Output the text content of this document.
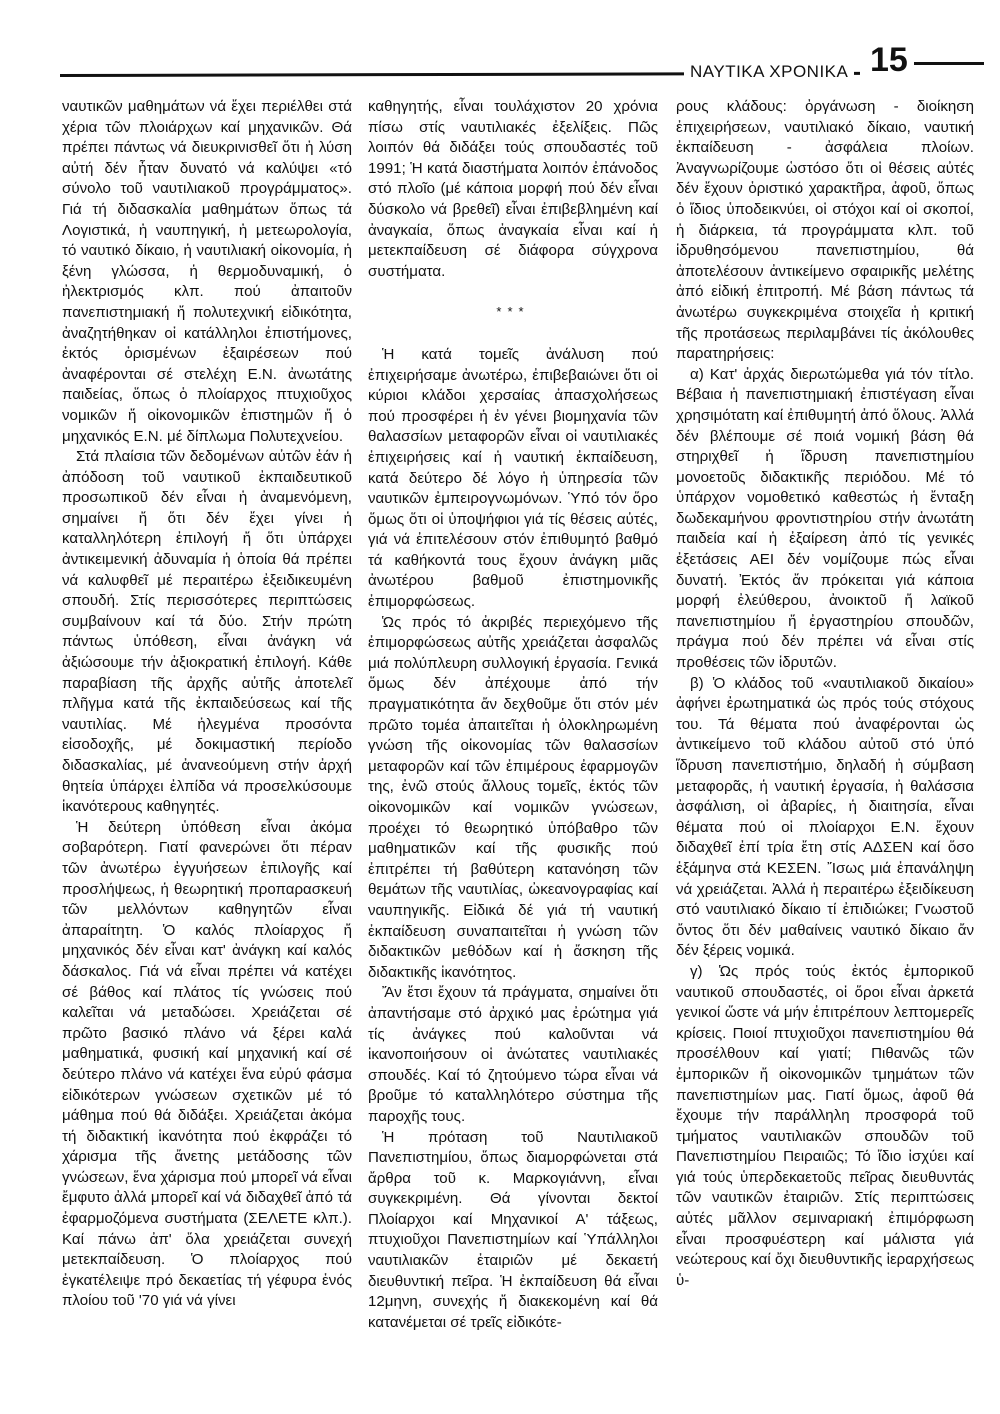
ΝΑΥΤΙΚΑ ΧΡΟΝΙΚΑ 15

ναυτικῶν μαθημάτων νά ἔχει περιέλθει στά χέρια τῶν πλοιάρχων καί μηχανικῶν. Θά πρέπει πάντως νά διευκρινισθεῖ ὅτι ἡ λύση αὐτή δέν ἦταν δυνατό νά καλύψει «τό σύνολο τοῦ ναυτιλιακοῦ προγράμματος». Γιά τή διδασκαλία μαθημάτων ὅπως τά Λογιστικά, ἡ ναυπηγική, ἡ μετεωρολογία, τό ναυτικό δίκαιο, ἡ ναυτιλιακή οἰκονομία, ἡ ξένη γλώσσα, ἡ θερμοδυναμική, ὁ ἠλεκτρισμός κλπ. πού ἀπαιτοῦν πανεπιστημιακή ἤ πολυτεχνική εἰδικότητα, ἀναζητήθηκαν οἱ κατάλληλοι ἐπιστήμονες, ἐκτός ὁρισμένων ἐξαιρέσεων πού ἀναφέρονται σέ στελέχη Ε.Ν. ἀνωτάτης παιδείας, ὅπως ὁ πλοίαρχος πτυχιοῦχος νομικῶν ἤ οἰκονομικῶν ἐπιστημῶν ἤ ὁ μηχανικός Ε.Ν. μέ δίπλωμα Πολυτεχνείου.

Στά πλαίσια τῶν δεδομένων αὐτῶν ἐάν ἡ ἀπόδοση τοῦ ναυτικοῦ ἐκπαιδευτικοῦ προσωπικοῦ δέν εἶναι ἡ ἀναμενόμενη, σημαίνει ἤ ὅτι δέν ἔχει γίνει ἡ καταλληλότερη ἐπιλογή ἤ ὅτι ὑπάρχει ἀντικειμενική ἀδυναμία ἡ ὁποία θά πρέπει νά καλυφθεῖ μέ περαιτέρω ἐξειδικευμένη σπουδή. Στίς περισσότερες περιπτώσεις συμβαίνουν καί τά δύο. Στήν πρώτη πάντως ὑπόθεση, εἶναι ἀνάγκη νά ἀξιώσουμε τήν ἀξιοκρατική ἐπιλογή. Κάθε παραβίαση τῆς ἀρχῆς αὐτῆς ἀποτελεῖ πλῆγμα κατά τῆς ἐκπαιδεύσεως καί τῆς ναυτιλίας. Μέ ἠλεγμένα προσόντα εἰσοδοχῆς, μέ δοκιμαστική περίοδο διδασκαλίας, μέ ἀνανεούμενη στήν ἀρχή θητεία ὑπάρχει ἐλπίδα νά προσελκύσουμε ἱκανότερους καθηγητές.

Ἡ δεύτερη ὑπόθεση εἶναι ἀκόμα σοβαρότερη. Γιατί φανερώνει ὅτι πέραν τῶν ἀνωτέρω ἐγγυήσεων ἐπιλογῆς καί προσλήψεως, ἡ θεωρητική προπαρασκευή τῶν μελλόντων καθηγητῶν εἶναι ἀπαραίτητη. Ὁ καλός πλοίαρχος ἤ μηχανικός δέν εἶναι κατ' ἀνάγκη καί καλός δάσκαλος. Γιά νά εἶναι πρέπει νά κατέχει σέ βάθος καί πλάτος τίς γνώσεις πού καλεῖται νά μεταδώσει. Χρειάζεται σέ πρῶτο βασικό πλάνο νά ξέρει καλά μαθηματικά, φυσική καί μηχανική καί σέ δεύτερο πλάνο νά κατέχει ἕνα εὐρύ φάσμα εἰδικότερων γνώσεων σχετικῶν μέ τό μάθημα πού θά διδάξει. Χρειάζεται ἀκόμα τή διδακτική ἱκανότητα πού ἐκφράζει τό χάρισμα τῆς ἄνετης μετάδοσης τῶν γνώσεων, ἕνα χάρισμα πού μπορεῖ νά εἶναι ἔμφυτο ἀλλά μπορεῖ καί νά διδαχθεῖ ἀπό τά ἐφαρμοζόμενα συστήματα (ΣΕΛΕΤΕ κλπ.). Καί πάνω ἀπ' ὅλα χρειάζεται συνεχή μετεκπαίδευση. Ὁ πλοίαρχος πού ἐγκατέλειψε πρό δεκαετίας τή γέφυρα ἑνός πλοίου τοῦ '70 γιά νά γίνει

καθηγητής, εἶναι τουλάχιστον 20 χρόνια πίσω στίς ναυτιλιακές ἐξελίξεις. Πῶς λοιπόν θά διδάξει τούς σπουδαστές τοῦ 1991; Ἡ κατά διαστήματα λοιπόν ἐπάνοδος στό πλοῖο (μέ κάποια μορφή πού δέν εἶναι δύσκολο νά βρεθεῖ) εἶναι ἐπιβεβλημένη καί ἀναγκαία, ὅπως ἀναγκαία εἶναι καί ἡ μετεκπαίδευση σέ διάφορα σύγχρονα συστήματα.

***

Ἡ κατά τομεῖς ἀνάλυση πού ἐπιχειρήσαμε ἀνωτέρω, ἐπιβεβαιώνει ὅτι οἱ κύριοι κλάδοι χερσαίας ἀπασχολήσεως πού προσφέρει ἡ ἐν γένει βιομηχανία τῶν θαλασσίων μεταφορῶν εἶναι οἱ ναυτιλιακές ἐπιχειρήσεις καί ἡ ναυτική ἐκπαίδευση, κατά δεύτερο δέ λόγο ἡ ὑπηρεσία τῶν ναυτικῶν ἐμπειρογνωμόνων. Ὑπό τόν ὅρο ὅμως ὅτι οἱ ὑποψήφιοι γιά τίς θέσεις αὐτές, γιά νά ἐπιτελέσουν στόν ἐπιθυμητό βαθμό τά καθήκοντά τους ἔχουν ἀνάγκη μιᾶς ἀνωτέρου βαθμοῦ ἐπιστημονικῆς ἐπιμορφώσεως.

Ὡς πρός τό ἀκριβές περιεχόμενο τῆς ἐπιμορφώσεως αὐτῆς χρειάζεται ἀσφαλῶς μιά πολύπλευρη συλλογική ἐργασία. Γενικά ὅμως δέν ἀπέχουμε ἀπό τήν πραγματικότητα ἄν δεχθοῦμε ὅτι στόν μέν πρῶτο τομέα ἀπαιτεῖται ἡ ὁλοκληρωμένη γνώση τῆς οἰκονομίας τῶν θαλασσίων μεταφορῶν καί τῶν ἐπιμέρους ἐφαρμογῶν της, ἐνῶ στούς ἄλλους τομεῖς, ἐκτός τῶν οἰκονομικῶν καί νομικῶν γνώσεων, προέχει τό θεωρητικό ὑπόβαθρο τῶν μαθηματικῶν καί τῆς φυσικῆς πού ἐπιτρέπει τή βαθύτερη κατανόηση τῶν θεμάτων τῆς ναυτιλίας, ὠκεανογραφίας καί ναυπηγικῆς. Εἰδικά δέ γιά τή ναυτική ἐκπαίδευση συναπαιτεῖται ἡ γνώση τῶν διδακτικῶν μεθόδων καί ἡ ἄσκηση τῆς διδακτικῆς ἱκανότητος.

Ἄν ἔτσι ἔχουν τά πράγματα, σημαίνει ὅτι ἀπαντήσαμε στό ἀρχικό μας ἐρώτημα γιά τίς ἀνάγκες πού καλοῦνται νά ἱκανοποιήσουν οἱ ἀνώτατες ναυτιλιακές σπουδές. Καί τό ζητούμενο τώρα εἶναι νά βροῦμε τό καταλληλότερο σύστημα τῆς παροχῆς τους.

Ἡ πρόταση τοῦ Ναυτιλιακοῦ Πανεπιστημίου, ὅπως διαμορφώνεται στά ἄρθρα τοῦ κ. Μαρκογιάννη, εἶναι συγκεκριμένη. Θά γίνονται δεκτοί Πλοίαρχοι καί Μηχανικοί Α' τάξεως, πτυχιοῦχοι Πανεπιστημίων καί Ὑπάλληλοι ναυτιλιακῶν ἐταιριῶν μέ δεκαετή διευθυντική πεῖρα. Ἡ ἐκπαίδευση θά εἶναι 12μηνη, συνεχής ἤ διακεκομένη καί θά κατανέμεται σέ τρεῖς εἰδικότε-

ρους κλάδους: ὀργάνωση - διοίκηση ἐπιχειρήσεων, ναυτιλιακό δίκαιο, ναυτική ἐκπαίδευση - ἀσφάλεια πλοίων. Ἀναγνωρίζουμε ὡστόσο ὅτι οἱ θέσεις αὐτές δέν ἔχουν ὁριστικό χαρακτῆρα, ἀφοῦ, ὅπως ὁ ἴδιος ὑποδεικνύει, οἱ στόχοι καί οἱ σκοποί, ἡ διάρκεια, τά προγράμματα κλπ. τοῦ ἱδρυθησόμενου πανεπιστημίου, θά ἀποτελέσουν ἀντικείμενο σφαιρικῆς μελέτης ἀπό εἰδική ἐπιτροπή. Μέ βάση πάντως τά ἀνωτέρω συγκεκριμένα στοιχεῖα ἡ κριτική τῆς προτάσεως περιλαμβάνει τίς ἀκόλουθες παρατηρήσεις:

α) Κατ' ἀρχάς διερωτώμεθα γιά τόν τίτλο. Βέβαια ἡ πανεπιστημιακή ἐπιστέγαση εἶναι χρησιμότατη καί ἐπιθυμητή ἀπό ὅλους. Ἀλλά δέν βλέπουμε σέ ποιά νομική βάση θά στηριχθεῖ ἡ ἵδρυση πανεπιστημίου μονοετοῦς διδακτικῆς περιόδου. Μέ τό ὑπάρχον νομοθετικό καθεστώς ἡ ἔνταξη δωδεκαμήνου φροντιστηρίου στήν ἀνωτάτη παιδεία καί ἡ ἐξαίρεση ἀπό τίς γενικές ἐξετάσεις ΑΕΙ δέν νομίζουμε πώς εἶναι δυνατή. Ἐκτός ἄν πρόκειται γιά κάποια μορφή ἐλεύθερου, ἀνοικτοῦ ἤ λαϊκοῦ πανεπιστημίου ἤ ἐργαστηρίου σπουδῶν, πράγμα πού δέν πρέπει νά εἶναι στίς προθέσεις τῶν ἱδρυτῶν.

β) Ὁ κλάδος τοῦ «ναυτιλιακοῦ δικαίου» ἀφήνει ἐρωτηματικά ὡς πρός τούς στόχους του. Τά θέματα πού ἀναφέρονται ὡς ἀντικείμενο τοῦ κλάδου αὐτοῦ στό ὑπό ἵδρυση πανεπιστήμιο, δηλαδή ἡ σύμβαση μεταφορᾶς, ἡ ναυτική ἐργασία, ἡ θαλάσσια ἀσφάλιση, οἱ ἀβαρίες, ἡ διαιτησία, εἶναι θέματα πού οἱ πλοίαρχοι Ε.Ν. ἔχουν διδαχθεῖ ἐπί τρία ἔτη στίς ΑΔΣΕΝ καί ὅσο ἑξάμηνα στά ΚΕΣΕΝ. Ἴσως μιά ἐπανάληψη νά χρειάζεται. Ἀλλά ἡ περαιτέρω ἐξειδίκευση στό ναυτιλιακό δίκαιο τί ἐπιδιώκει; Γνωστοῦ ὄντος ὅτι δέν μαθαίνεις ναυτικό δίκαιο ἄν δέν ξέρεις νομικά.

γ) Ὡς πρός τούς ἐκτός ἐμπορικοῦ ναυτικοῦ σπουδαστές, οἱ ὅροι εἶναι ἀρκετά γενικοί ὥστε νά μήν ἐπιτρέπουν λεπτομερεῖς κρίσεις. Ποιοί πτυχιοῦχοι πανεπιστημίου θά προσέλθουν καί γιατί; Πιθανῶς τῶν ἐμπορικῶν ἤ οἰκονομικῶν τμημάτων τῶν πανεπιστημίων μας. Γιατί ὅμως, ἀφοῦ θά ἔχουμε τήν παράλληλη προσφορά τοῦ τμήματος ναυτιλιακῶν σπουδῶν τοῦ Πανεπιστημίου Πειραιῶς; Τό ἴδιο ἰσχύει καί γιά τούς ὑπερδεκαετοῦς πεῖρας διευθυντάς τῶν ναυτικῶν ἐταιριῶν. Στίς περιπτώσεις αὐτές μᾶλλον σεμιναριακή ἐπιμόρφωση εἶναι προσφυέστερη καί μάλιστα γιά νεώτερους καί ὄχι διευθυντικῆς ἱεραρχήσεως ὑ-
